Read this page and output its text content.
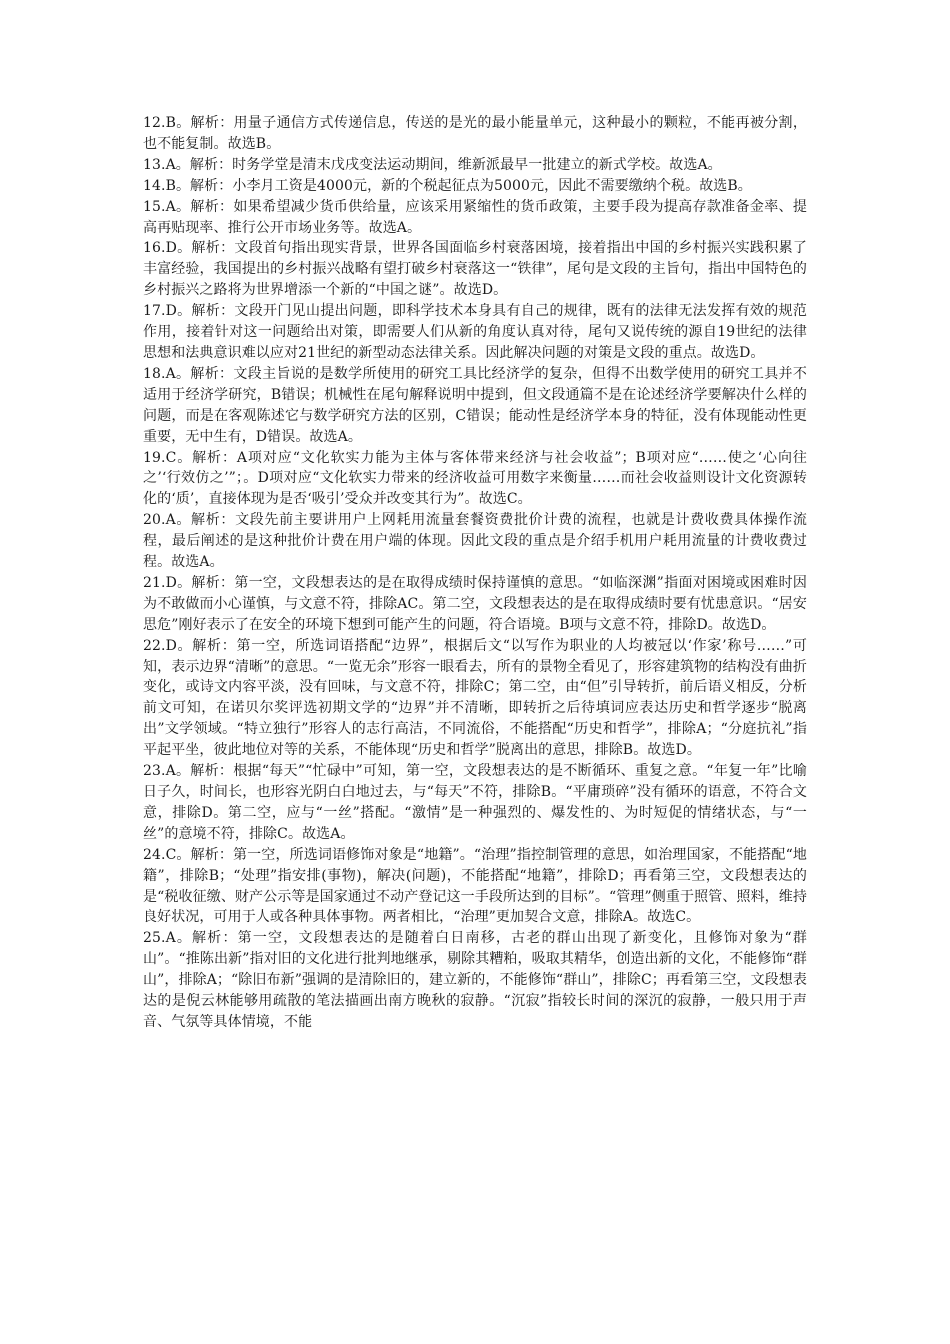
12.B。解析：用量子通信方式传递信息，传送的是光的最小能量单元，这种最小的颗粒，不能再被分割，也不能复制。故选B。

13.A。解析：时务学堂是清末戊戌变法运动期间，维新派最早一批建立的新式学校。故选A。

14.B。解析：小李月工资是4000元，新的个税起征点为5000元，因此不需要缴纳个税。故选B。

15.A。解析：如果希望减少货币供给量，应该采用紧缩性的货币政策，主要手段为提高存款准备金率、提高再贴现率、推行公开市场业务等。故选A。

16.D。解析：文段首句指出现实背景，世界各国面临乡村衰落困境，接着指出中国的乡村振兴实践积累了丰富经验，我国提出的乡村振兴战略有望打破乡村衰落这一“铁律”，尾句是文段的主旨句，指出中国特色的乡村振兴之路将为世界增添一个新的“中国之谜”。故选D。

17.D。解析：文段开门见山提出问题，即科学技术本身具有自己的规律，既有的法律无法发挥有效的规范作用，接着针对这一问题给出对策，即需要人们从新的角度认真对待，尾句又说传统的源自19世纪的法律思想和法典意识难以应对21世纪的新型动态法律关系。因此解决问题的对策是文段的重点。故选D。

18.A。解析：文段主旨说的是数学所使用的研究工具比经济学的复杂，但得不出数学使用的研究工具并不适用于经济学研究，B错误；机械性在尾句解释说明中提到，但文段通篇不是在论述经济学要解决什么样的问题，而是在客观陈述它与数学研究方法的区别，C错误；能动性是经济学本身的特征，没有体现能动性更重要，无中生有，D错误。故选A。

19.C。解析：A项对应“文化软实力能为主体与客体带来经济与社会收益”；B项对应“……使之‘心向往之’‘行效仿之’”；。D项对应“文化软实力带来的经济收益可用数字来衡量……而社会收益则设计文化资源转化的‘质’，直接体现为是否‘吸引’受众并改变其行为”。故选C。

20.A。解析：文段先前主要讲用户上网耗用流量套餐资费批价计费的流程，也就是计费收费具体操作流程，最后阐述的是这种批价计费在用户端的体现。因此文段的重点是介绍手机用户耗用流量的计费收费过程。故选A。

21.D。解析：第一空，文段想表达的是在取得成绩时保持谨慎的意思。“如临深渊”指面对困境或困难时因为不敢做而小心谨慎，与文意不符，排除AC。第二空，文段想表达的是在取得成绩时要有忧患意识。“居安思危”刚好表示了在安全的环境下想到可能产生的问题，符合语境。B项与文意不符，排除D。故选D。

22.D。解析：第一空，所选词语搭配“边界”，根据后文“以写作为职业的人均被冠以‘作家’称号……”可知，表示边界“清晰”的意思。“一览无余”形容一眼看去，所有的景物全看见了，形容建筑物的结构没有曲折变化，或诗文内容平淡，没有回味，与文意不符，排除C；第二空，由“但”引导转折，前后语义相反，分析前文可知，在诺贝尔奖评选初期文学的“边界”并不清晰，即转折之后待填词应表达历史和哲学逐步“脱离出”文学领域。“特立独行”形容人的志行高洁，不同流俗，不能搭配“历史和哲学”，排除A；“分庭抗礼”指平起平坐，彼此地位对等的关系，不能体现“历史和哲学”脱离出的意思，排除B。故选D。

23.A。解析：根据“每天”“忙碌中”可知，第一空，文段想表达的是不断循环、重复之意。“年复一年”比喻日子久，时间长，也形容光阴白白地过去，与“每天”不符，排除B。“平庸琐碎”没有循环的语意，不符合文意，排除D。第二空，应与“一丝”搭配。“激情”是一种强烈的、爆发性的、为时短促的情绪状态，与“一丝”的意境不符，排除C。故选A。

24.C。解析：第一空，所选词语修饰对象是“地籍”。“治理”指控制管理的意思，如治理国家，不能搭配“地籍”，排除B；“处理”指安排(事物)，解决(问题)，不能搭配“地籍”，排除D；再看第三空，文段想表达的是“税收征缴、财产公示等是国家通过不动产登记这一手段所达到的目标”。“管理”侧重于照管、照料，维持良好状况，可用于人或各种具体事物。两者相比，“治理”更加契合文意，排除A。故选C。

25.A。解析：第一空，文段想表达的是随着白日南移，古老的群山出现了新变化，且修饰对象为“群山”。“推陈出新”指对旧的文化进行批判地继承，剔除其糟粕，吸取其精华，创造出新的文化，不能修饰“群山”，排除A；“除旧布新”强调的是清除旧的，建立新的，不能修饰“群山”，排除C；再看第三空，文段想表达的是倪云林能够用疏散的笔法描画出南方晚秋的寂静。“沉寂”指较长时间的深沉的寂静，一般只用于声音、气氛等具体情境，不能
